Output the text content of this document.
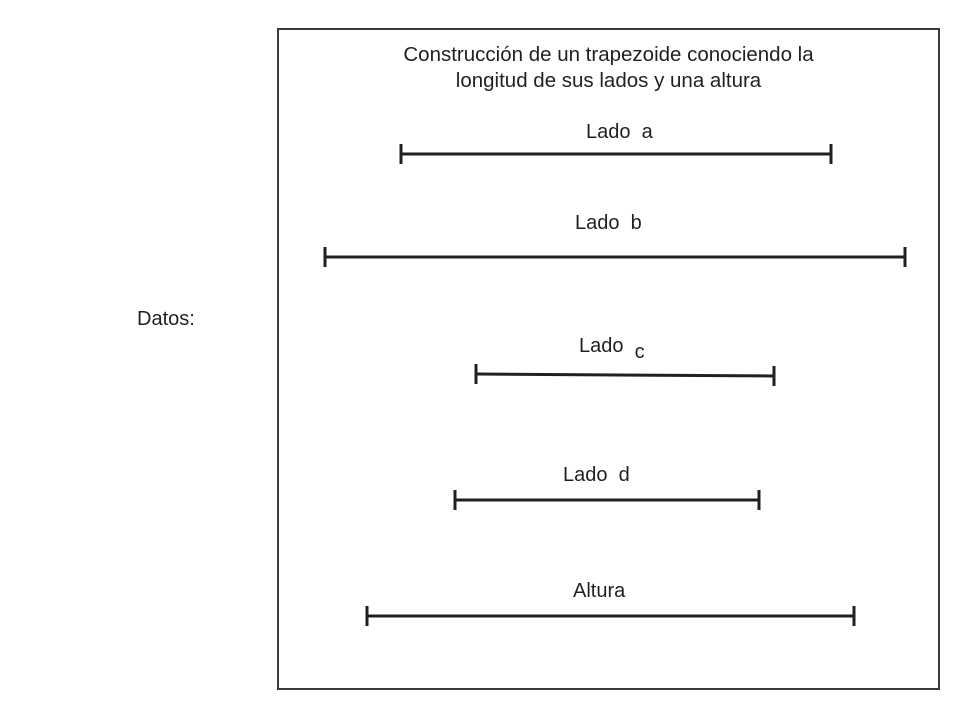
Datos:
Construcción de un trapezoide conociendo la
longitud de sus lados y una altura
Lado a
Lado b
Lado c
Lado d
Altura
